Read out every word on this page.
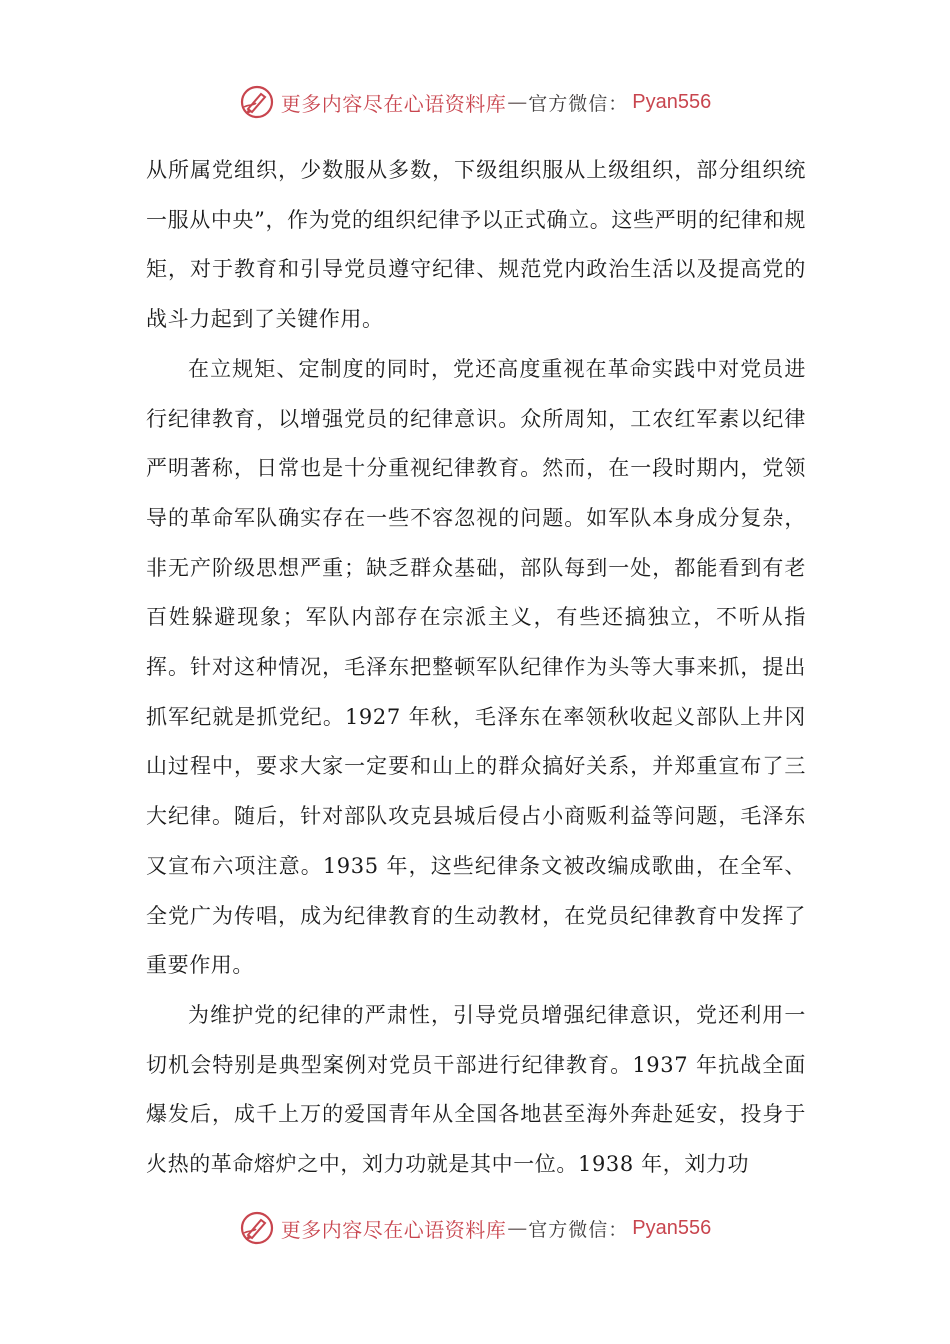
更多内容尽在心语资料库 — 官方微信： Pyan556

从所属党组织，少数服从多数，下级组织服从上级组织，部分组织统一服从中央”，作为党的组织纪律予以正式确立。这些严明的纪律和规矩，对于教育和引导党员遵守纪律、规范党内政治生活以及提高党的战斗力起到了关键作用。

在立规矩、定制度的同时，党还高度重视在革命实践中对党员进行纪律教育，以增强党员的纪律意识。众所周知，工农红军素以纪律严明著称，日常也是十分重视纪律教育。然而，在一段时期内，党领导的革命军队确实存在一些不容忽视的问题。如军队本身成分复杂，非无产阶级思想严重；缺乏群众基础，部队每到一处，都能看到有老百姓躲避现象；军队内部存在宗派主义，有些还搞独立，不听从指挥。针对这种情况，毛泽东把整顿军队纪律作为头等大事来抓，提出抓军纪就是抓党纪。1927 年秋，毛泽东在率领秋收起义部队上井冈山过程中，要求大家一定要和山上的群众搞好关系，并郑重宣布了三大纪律。随后，针对部队攻克县城后侵占小商贩利益等问题，毛泽东又宣布六项注意。1935 年，这些纪律条文被改编成歌曲，在全军、全党广为传唱，成为纪律教育的生动教材，在党员纪律教育中发挥了重要作用。

为维护党的纪律的严肃性，引导党员增强纪律意识，党还利用一切机会特别是典型案例对党员干部进行纪律教育。1937 年抗战全面爆发后，成千上万的爱国青年从全国各地甚至海外奔赴延安，投身于火热的革命熔炉之中，刘力功就是其中一位。1938 年，刘力功

更多内容尽在心语资料库 — 官方微信： Pyan556
